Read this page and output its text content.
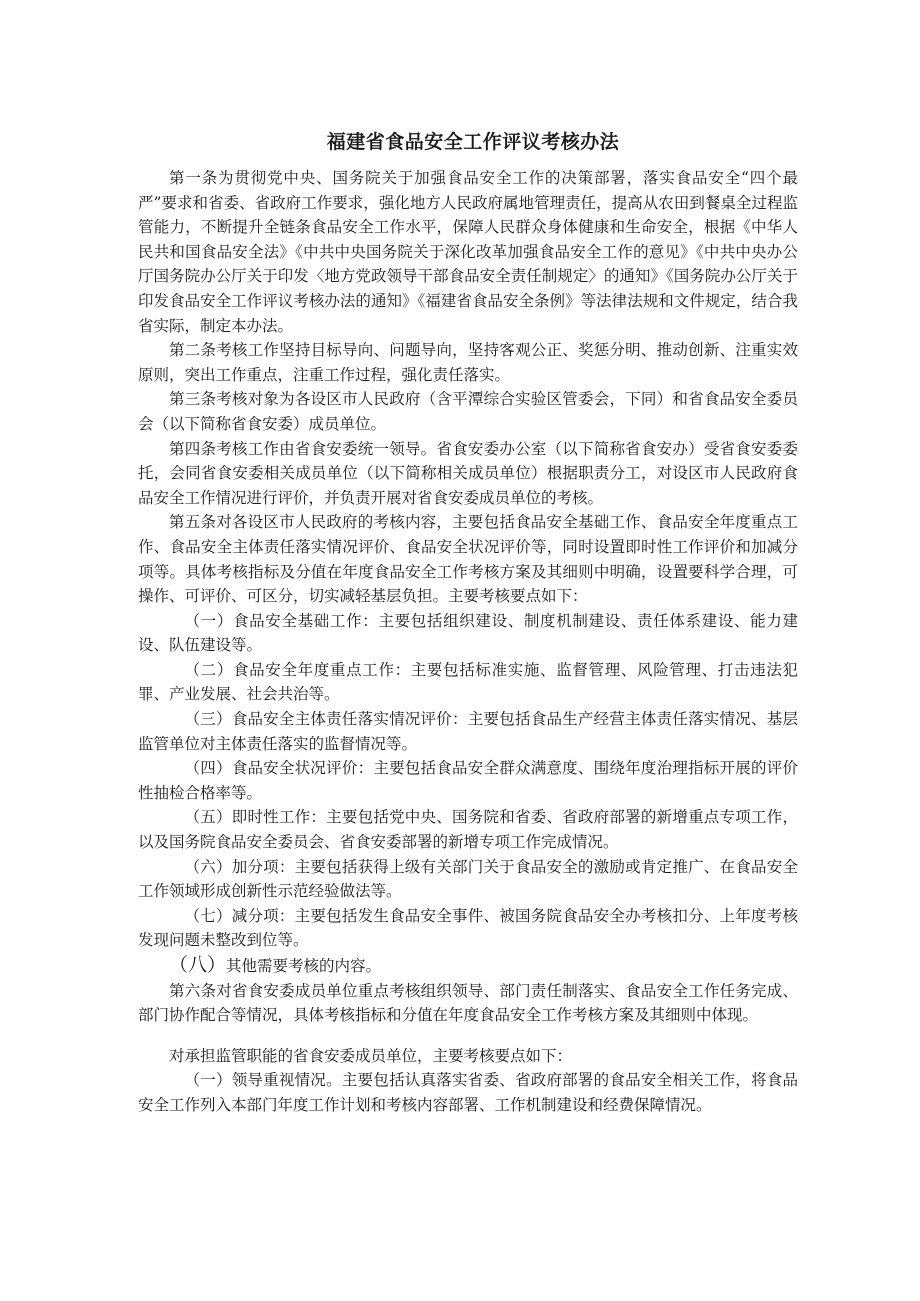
福建省食品安全工作评议考核办法

第一条为贯彻党中央、国务院关于加强食品安全工作的决策部署，落实食品安全“四个最严”要求和省委、省政府工作要求，强化地方人民政府属地管理责任，提高从农田到餐桌全过程监管能力，不断提升全链条食品安全工作水平，保障人民群众身体健康和生命安全，根据《中华人民共和国食品安全法》《中共中央国务院关于深化改革加强食品安全工作的意见》《中共中央办公厅国务院办公厅关于印发〈地方党政领导干部食品安全责任制规定〉的通知》《国务院办公厅关于印发食品安全工作评议考核办法的通知》《福建省食品安全条例》等法律法规和文件规定，结合我省实际，制定本办法。

第二条考核工作坚持目标导向、问题导向，坚持客观公正、奖惩分明、推动创新、注重实效原则，突出工作重点，注重工作过程，强化责任落实。

第三条考核对象为各设区市人民政府（含平潭综合实验区管委会，下同）和省食品安全委员会（以下简称省食安委）成员单位。

第四条考核工作由省食安委统一领导。省食安委办公室（以下简称省食安办）受省食安委委托，会同省食安委相关成员单位（以下简称相关成员单位）根据职责分工，对设区市人民政府食品安全工作情况进行评价，并负责开展对省食安委成员单位的考核。

第五条对各设区市人民政府的考核内容，主要包括食品安全基础工作、食品安全年度重点工作、食品安全主体责任落实情况评价、食品安全状况评价等，同时设置即时性工作评价和加减分项等。具体考核指标及分值在年度食品安全工作考核方案及其细则中明确，设置要科学合理，可操作、可评价、可区分，切实减轻基层负担。主要考核要点如下：

（一）食品安全基础工作：主要包括组织建设、制度机制建设、责任体系建设、能力建设、队伍建设等。

（二）食品安全年度重点工作：主要包括标准实施、监督管理、风险管理、打击违法犯罪、产业发展、社会共治等。

（三）食品安全主体责任落实情况评价：主要包括食品生产经营主体责任落实情况、基层监管单位对主体责任落实的监督情况等。

（四）食品安全状况评价：主要包括食品安全群众满意度、围绕年度治理指标开展的评价性抽检合格率等。

（五）即时性工作：主要包括党中央、国务院和省委、省政府部署的新增重点专项工作，以及国务院食品安全委员会、省食安委部署的新增专项工作完成情况。

（六）加分项：主要包括获得上级有关部门关于食品安全的激励或肯定推广、在食品安全工作领域形成创新性示范经验做法等。

（七）减分项：主要包括发生食品安全事件、被国务院食品安全办考核扣分、上年度考核发现问题未整改到位等。

（八）其他需要考核的内容。

第六条对省食安委成员单位重点考核组织领导、部门责任制落实、食品安全工作任务完成、部门协作配合等情况，具体考核指标和分值在年度食品安全工作考核方案及其细则中体现。

对承担监管职能的省食安委成员单位，主要考核要点如下：

（一）领导重视情况。主要包括认真落实省委、省政府部署的食品安全相关工作，将食品安全工作列入本部门年度工作计划和考核内容部署、工作机制建设和经费保障情况。
